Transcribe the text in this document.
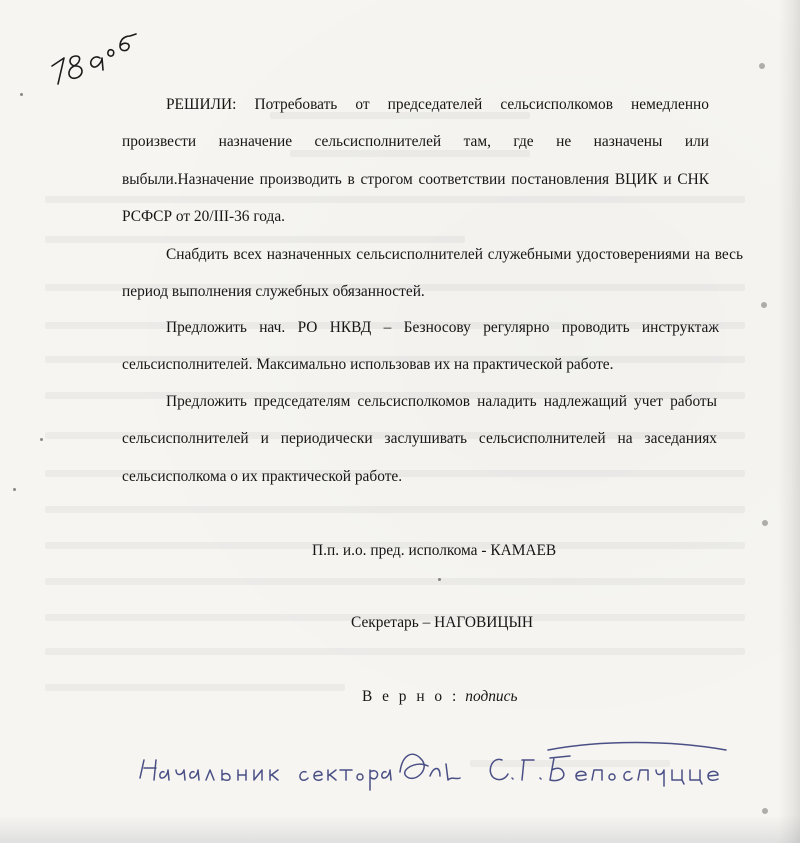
РЕШИЛИ: Потребовать от председателей сельсисполкомов немедленно произвести назначение сельсисполнителей там, где не назначены или выбыли.Назначение производить в строгом соответствии постановления ВЦИК и СНК РСФСР от 20/III-36 года.

Снабдить всех назначенных сельсисполнителей служебными удостоверениями на весь период выполнения служебных обязанностей.

Предложить нач. РО НКВД – Безносову регулярно проводить инструктаж сельсисполнителей. Максимально использовав их на практической работе.

Предложить председателям сельсисполкомов наладить надлежащий учет работы сельсисполнителей и периодически заслушивать сельсисполнителей на заседаниях сельсисполкома о их практической работе.

П.п. и.о. пред. исполкома - КАМАЕВ

Секретарь – НАГОВИЦЫН

В е р н о : подпись
